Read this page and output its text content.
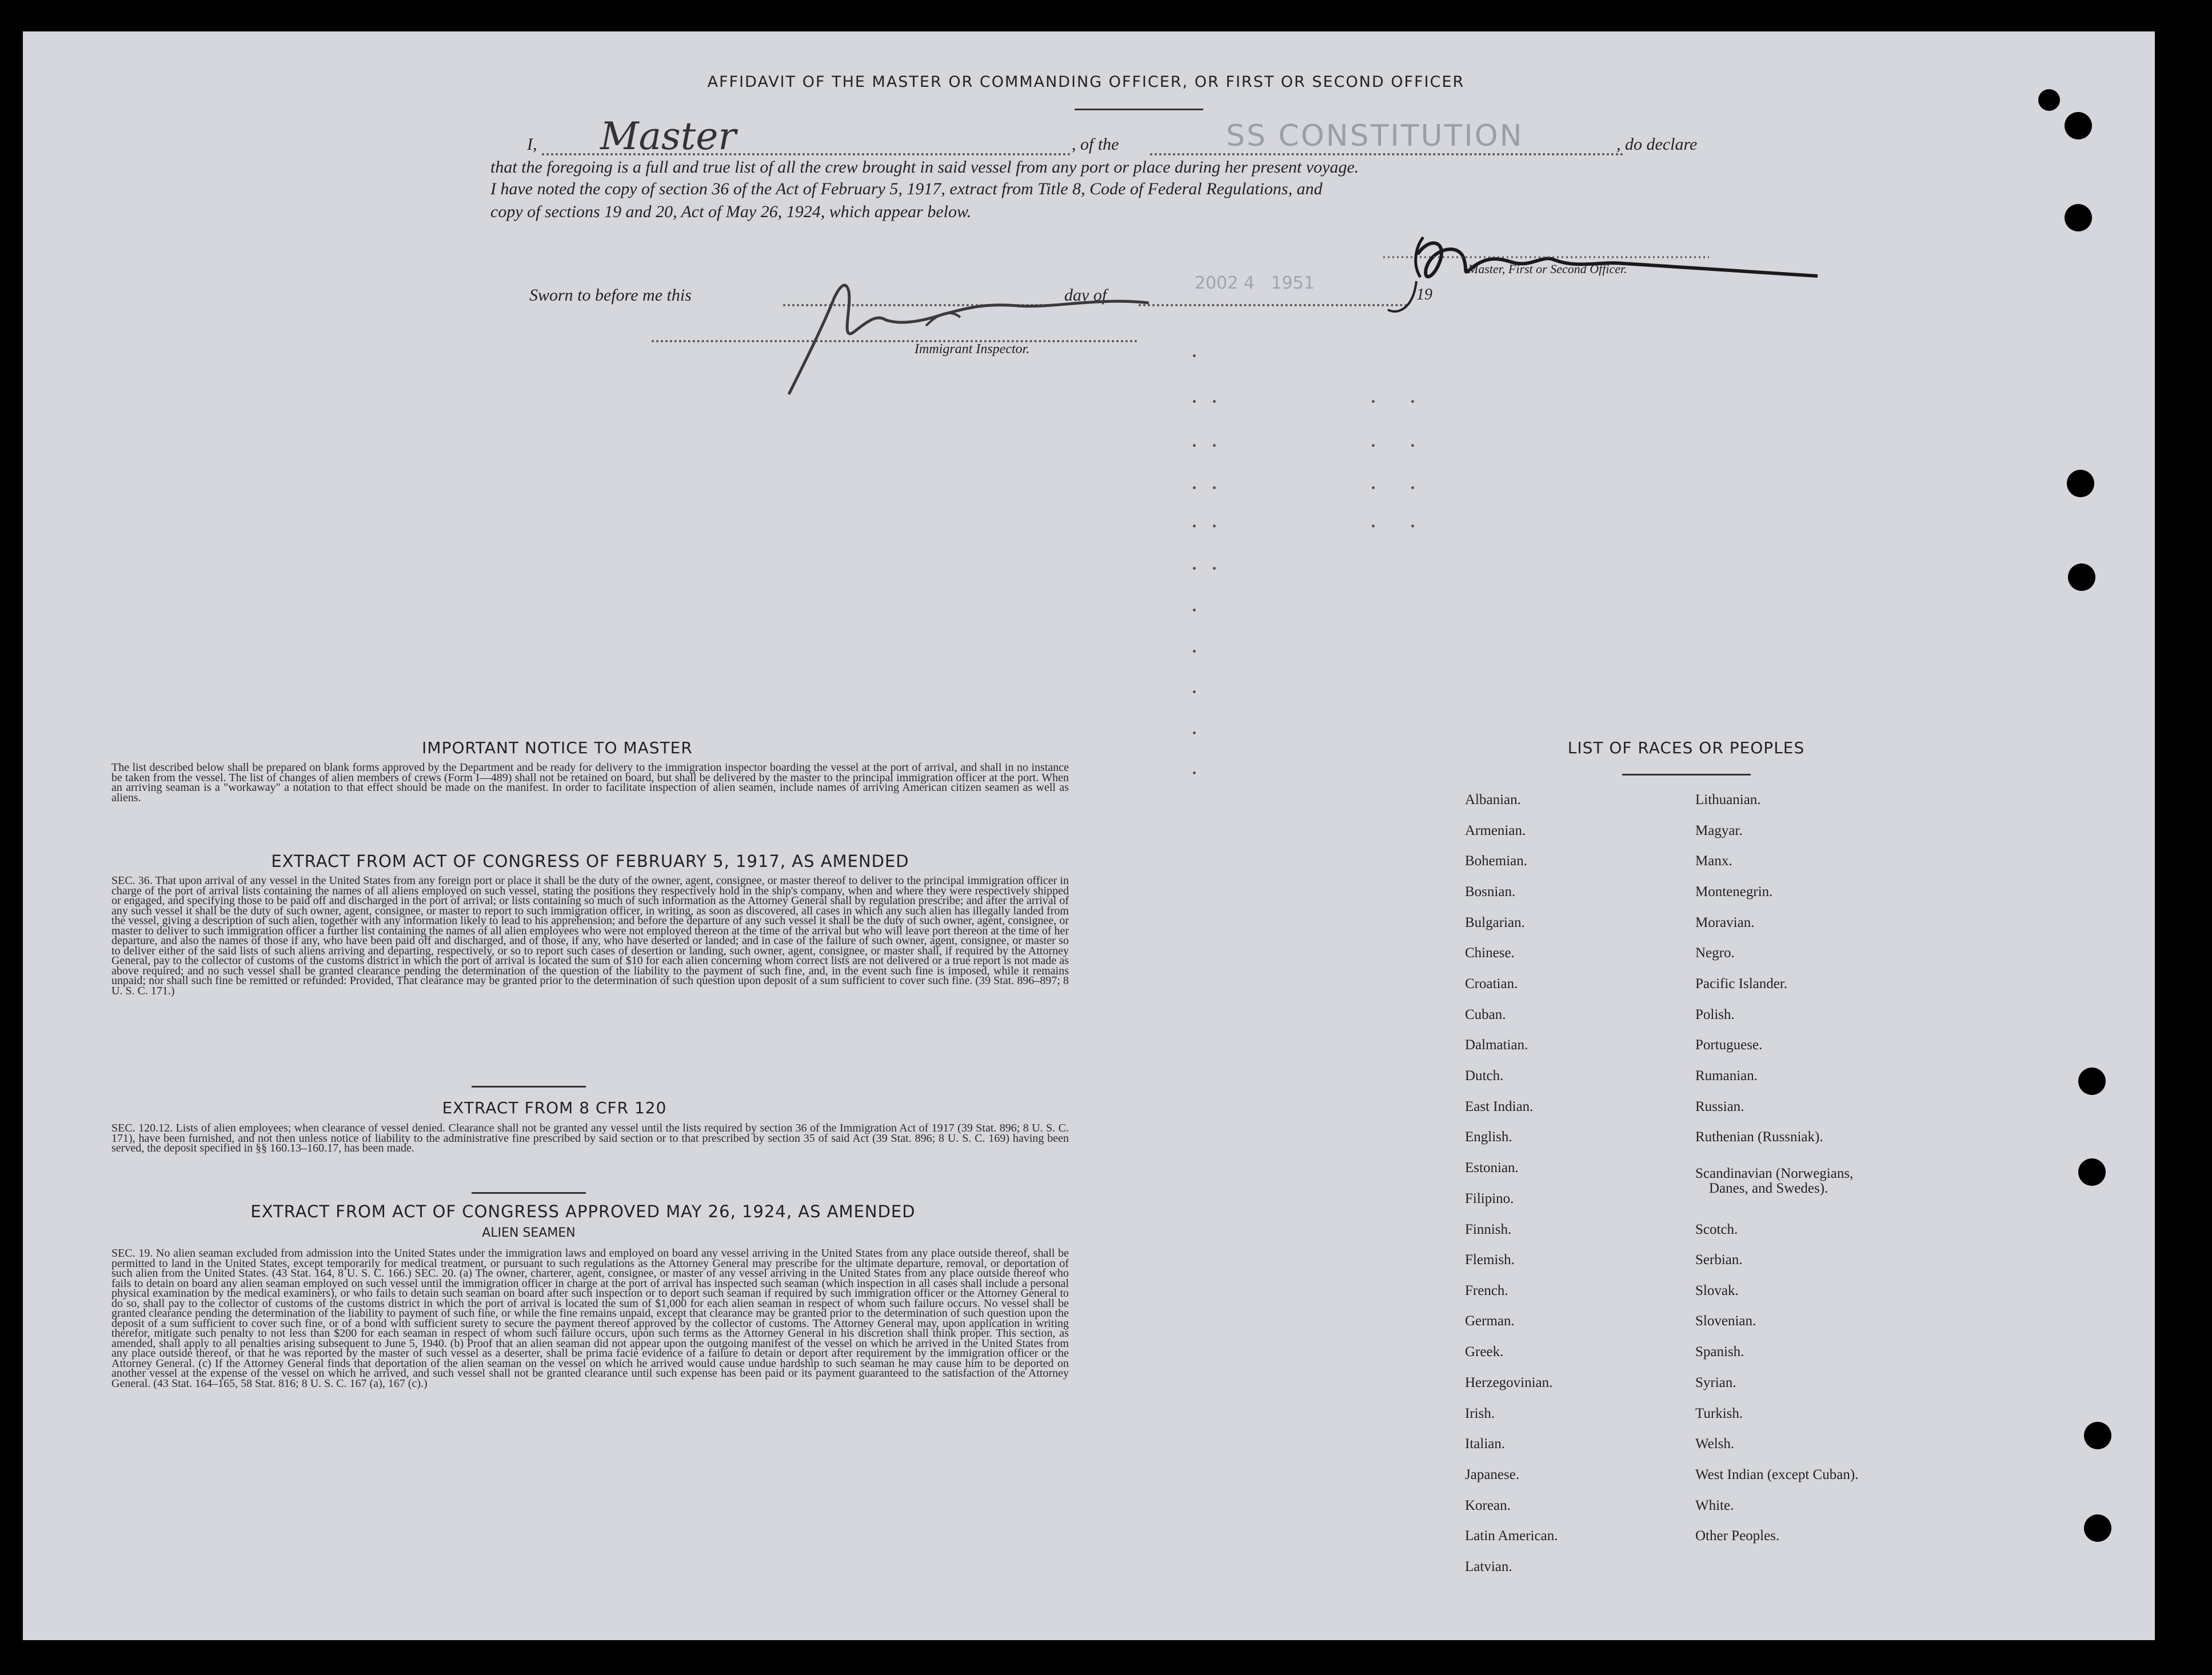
AFFIDAVIT OF THE MASTER OR COMMANDING OFFICER, OR FIRST OR SECOND OFFICER
I, Master	, of the	SS CONSTITUTION	, do declare
that the foregoing is a full and true list of all the crew brought in said vessel from any port or place during her present voyage.
I have noted the copy of section 36 of the Act of February 5, 1917, extract from Title 8, Code of Federal Regulations, and
copy of sections 19 and 20, Act of May 26, 1924, which appear below.
Master, First or Second Officer.
Sworn to before me this	day of
2002 4   1951
19
Immigrant Inspector.
IMPORTANT NOTICE TO MASTER
The list described below shall be prepared on blank forms approved by the Department and be ready for delivery to the immigration inspector boarding the vessel at the port of arrival, and shall in no instance be taken from the vessel. The list of changes of alien members of crews (Form I—489) shall not be retained on board, but shall be delivered by the master to the principal immigration officer at the port. When an arriving seaman is a "workaway" a notation to that effect should be made on the manifest. In order to facilitate inspection of alien seamen, include names of arriving American citizen seamen as well as aliens.
EXTRACT FROM ACT OF CONGRESS OF FEBRUARY 5, 1917, AS AMENDED
SEC. 36. That upon arrival of any vessel in the United States from any foreign port or place it shall be the duty of the owner, agent, consignee, or master thereof to deliver to the principal immigration officer in charge of the port of arrival lists containing the names of all aliens employed on such vessel, stating the positions they respectively hold in the ship's company, when and where they were respectively shipped or engaged, and specifying those to be paid off and discharged in the port of arrival; or lists containing so much of such information as the Attorney General shall by regulation prescribe; and after the arrival of any such vessel it shall be the duty of such owner, agent, consignee, or master to report to such immigration officer, in writing, as soon as discovered, all cases in which any such alien has illegally landed from the vessel, giving a description of such alien, together with any information likely to lead to his apprehension; and before the departure of any such vessel it shall be the duty of such owner, agent, consignee, or master to deliver to such immigration officer a further list containing the names of all alien employees who were not employed thereon at the time of the arrival but who will leave port thereon at the time of her departure, and also the names of those if any, who have been paid off and discharged, and of those, if any, who have deserted or landed; and in case of the failure of such owner, agent, consignee, or master so to deliver either of the said lists of such aliens arriving and departing, respectively, or so to report such cases of desertion or landing, such owner, agent, consignee, or master shall, if required by the Attorney General, pay to the collector of customs of the customs district in which the port of arrival is located the sum of $10 for each alien concerning whom correct lists are not delivered or a true report is not made as above required; and no such vessel shall be granted clearance pending the determination of the question of the liability to the payment of such fine, and, in the event such fine is imposed, while it remains unpaid; nor shall such fine be remitted or refunded: Provided, That clearance may be granted prior to the determination of such question upon deposit of a sum sufficient to cover such fine. (39 Stat. 896–897; 8 U. S. C. 171.)
EXTRACT FROM 8 CFR 120
SEC. 120.12. Lists of alien employees; when clearance of vessel denied. Clearance shall not be granted any vessel until the lists required by section 36 of the Immigration Act of 1917 (39 Stat. 896; 8 U. S. C. 171), have been furnished, and not then unless notice of liability to the administrative fine prescribed by said section or to that prescribed by section 35 of said Act (39 Stat. 896; 8 U. S. C. 169) having been served, the deposit specified in §§ 160.13–160.17, has been made.
EXTRACT FROM ACT OF CONGRESS APPROVED MAY 26, 1924, AS AMENDED
ALIEN SEAMEN
SEC. 19. No alien seaman excluded from admission into the United States under the immigration laws and employed on board any vessel arriving in the United States from any place outside thereof, shall be permitted to land in the United States, except temporarily for medical treatment, or pursuant to such regulations as the Attorney General may prescribe for the ultimate departure, removal, or deportation of such alien from the United States. (43 Stat. 164, 8 U. S. C. 166.) SEC. 20. (a) The owner, charterer, agent, consignee, or master of any vessel arriving in the United States from any place outside thereof who fails to detain on board any alien seaman employed on such vessel until the immigration officer in charge at the port of arrival has inspected such seaman (which inspection in all cases shall include a personal physical examination by the medical examiners), or who fails to detain such seaman on board after such inspection or to deport such seaman if required by such immigration officer or the Attorney General to do so, shall pay to the collector of customs of the customs district in which the port of arrival is located the sum of $1,000 for each alien seaman in respect of whom such failure occurs. No vessel shall be granted clearance pending the determination of the liability to payment of such fine, or while the fine remains unpaid, except that clearance may be granted prior to the determination of such question upon the deposit of a sum sufficient to cover such fine, or of a bond with sufficient surety to secure the payment thereof approved by the collector of customs. The Attorney General may, upon application in writing therefor, mitigate such penalty to not less than $200 for each seaman in respect of whom such failure occurs, upon such terms as the Attorney General in his discretion shall think proper. This section, as amended, shall apply to all penalties arising subsequent to June 5, 1940. (b) Proof that an alien seaman did not appear upon the outgoing manifest of the vessel on which he arrived in the United States from any place outside thereof, or that he was reported by the master of such vessel as a deserter, shall be prima facie evidence of a failure to detain or deport after requirement by the immigration officer or the Attorney General. (c) If the Attorney General finds that deportation of the alien seaman on the vessel on which he arrived would cause undue hardship to such seaman he may cause him to be deported on another vessel at the expense of the vessel on which he arrived, and such vessel shall not be granted clearance until such expense has been paid or its payment guaranteed to the satisfaction of the Attorney General. (43 Stat. 164–165, 58 Stat. 816; 8 U. S. C. 167 (a), 167 (c).)
LIST OF RACES OR PEOPLES
Albanian.
Armenian.
Bohemian.
Bosnian.
Bulgarian.
Chinese.
Croatian.
Cuban.
Dalmatian.
Dutch.
East Indian.
English.
Estonian.
Filipino.
Finnish.
Flemish.
French.
German.
Greek.
Herzegovinian.
Irish.
Italian.
Japanese.
Korean.
Latin American.
Latvian.
Lithuanian.
Magyar.
Manx.
Montenegrin.
Moravian.
Negro.
Pacific Islander.
Polish.
Portuguese.
Rumanian.
Russian.
Ruthenian (Russniak).
Scandinavian (Norwegians,
Danes, and Swedes).
Scotch.
Serbian.
Slovak.
Slovenian.
Spanish.
Syrian.
Turkish.
Welsh.
West Indian (except Cuban).
White.
Other Peoples.
